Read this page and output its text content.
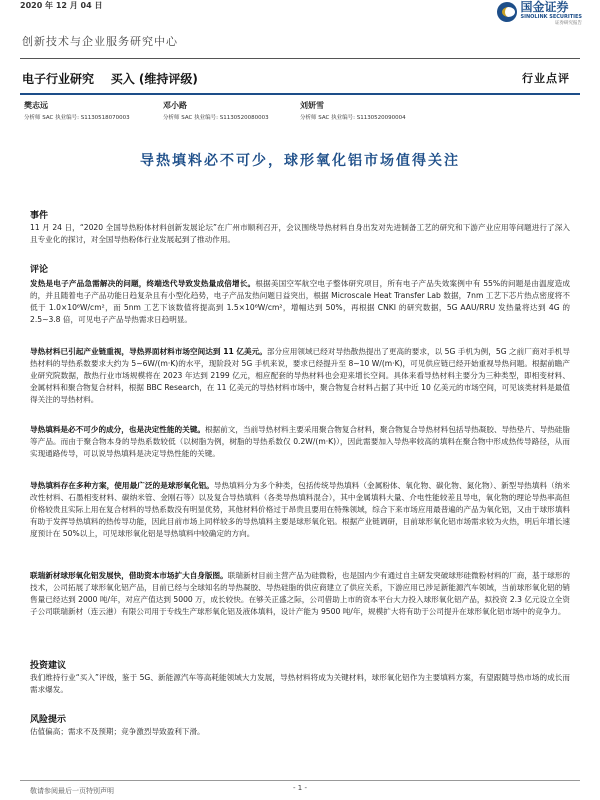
2020 年 12 月 04 日	国金证券
SINOLINK SECURITIES
证券研究报告
创新技术与企业服务研究中心
电子行业研究    买入 (维持评级)	行业点评
樊志远
分析师 SAC 执业编号: S1130518070003
邓小路
分析师 SAC 执业编号: S1130520080003
刘妍雪
分析师 SAC 执业编号: S1130520090004
导热填料必不可少，球形氧化铝市场值得关注
事件
11 月 24 日，“2020 全国导热粉体材料创新发展论坛”在广州市顺利召开，会议围绕导热材料自身出发对先进制备工艺的研究和下游产业应用等问题进行了深入且专业化的探讨，对全国导热粉体行业发展起到了推动作用。
评论
发热是电子产品急需解决的问题，终端迭代导致发热量成倍增长。根据美国空军航空电子整体研究项目，所有电子产品失效案例中有 55%的问题是由温度造成的，并且随着电子产品功能日趋复杂且有小型化趋势，电子产品发热问题日益突出，根据 Microscale Heat Transfer Lab 数据，7nm 工艺下芯片热点密度将不低于 1.0×10⁶W/cm²，而 5nm 工艺下该数值将提高到 1.5×10⁶W/cm²，增幅达到 50%，再根据 CNKI 的研究数据，5G AAU/RRU 发热量将达到 4G 的 2.5~3.8 倍，可见电子产品导热需求日趋明显。
导热材料已引起产业链重视，导热界面材料市场空间达到 11 亿美元。部分应用领域已经对导热散热提出了更高的要求，以 5G 手机为例，5G 之前厂商对手机导热材料的导热系数要求大约为 5~6W/(m·K)的水平，现阶段对 5G 手机来说，要求已经提升至 8~10 W/(m·K)，可见供应链已经开始重视导热问题。根据前瞻产业研究院数据，散热行业市场规模将在 2023 年达到 2199 亿元，相应配套的导热材料也会迎来增长空间。具体来看导热材料主要分为三种类型，即相变材料、金属材料和聚合物复合材料，根据 BBC Research，在 11 亿美元的导热材料市场中，聚合物复合材料占据了其中近 10 亿美元的市场空间，可见该类材料是最值得关注的导热材料。
导热填料是必不可少的成分，也是决定性能的关键。根据前文，当前导热材料主要采用聚合物复合材料，聚合物复合导热材料包括导热凝胶、导热垫片、导热硅脂等产品。而由于聚合物本身的导热系数较低（以树脂为例，树脂的导热系数仅 0.2W/(m·K)），因此需要加入导热率较高的填料在聚合物中形成热传导路径，从而实现通路传导，可以说导热填料是决定导热性能的关键。
导热填料存在多种方案，使用最广泛的是球形氧化铝。导热填料分为多个种类，包括传统导热填料（金属粉体、氧化物、碳化物、氮化物）、新型导热填料（纳米改性材料、石墨相变材料、碳纳米管、金刚石等）以及复合导热填料（各类导热填料混合），其中金属填料大量、介电性能较差且导电，氧化物的理论导热率高但价格较贵且实际上用在复合材料的导热系数没有明显优势，其他材料价格过于昂贵且要用在特殊领域，综合下来市场应用最普遍的产品为氧化铝，又由于球形填料有助于发挥导热填料的热传导功能，因此目前市场上同样较多的导热填料主要是球形氧化铝。根据产业链调研，目前球形氧化铝市场需求较为火热，明后年增长速度预计在 50%以上，可见球形氧化铝是导热填料中较确定的方向。
联瑞新材球形氧化铝发展快，借助资本市场扩大自身版图。联瑞新材目前主营产品为硅微粉，也是国内少有通过自主研发突破球形硅微粉材料的厂商，基于球形的技术，公司拓展了球形氧化铝产品，目前已经与全球知名的导热凝胶、导热硅脂的供应商建立了供应关系，下游应用已涉足新能源汽车领域，当前球形氧化铝的销售量已经达到 2000 吨/年，对应产值达到 5000 万，成长较快。在够关正盛之际，公司借助上市的资本平台大力投入球形氧化铝产品，拟投资 2.3 亿元设立全资子公司联瑞新材（连云港）有限公司用于专线生产球形氧化铝及液体填料，设计产能为 9500 吨/年，规模扩大将有助于公司提升在球形氧化铝市场中的竞争力。
投资建议
我们维持行业“买入”评级，鉴于 5G、新能源汽车等高耗能领域大力发展，导热材料将成为关键材料，球形氧化铝作为主要填料方案，有望跟随导热市场的成长而需求爆发。
风险提示
估值偏高；需求不及预期；竞争激烈导致盈利下滑。
敬请参阅最后一页特别声明	- 1 -
